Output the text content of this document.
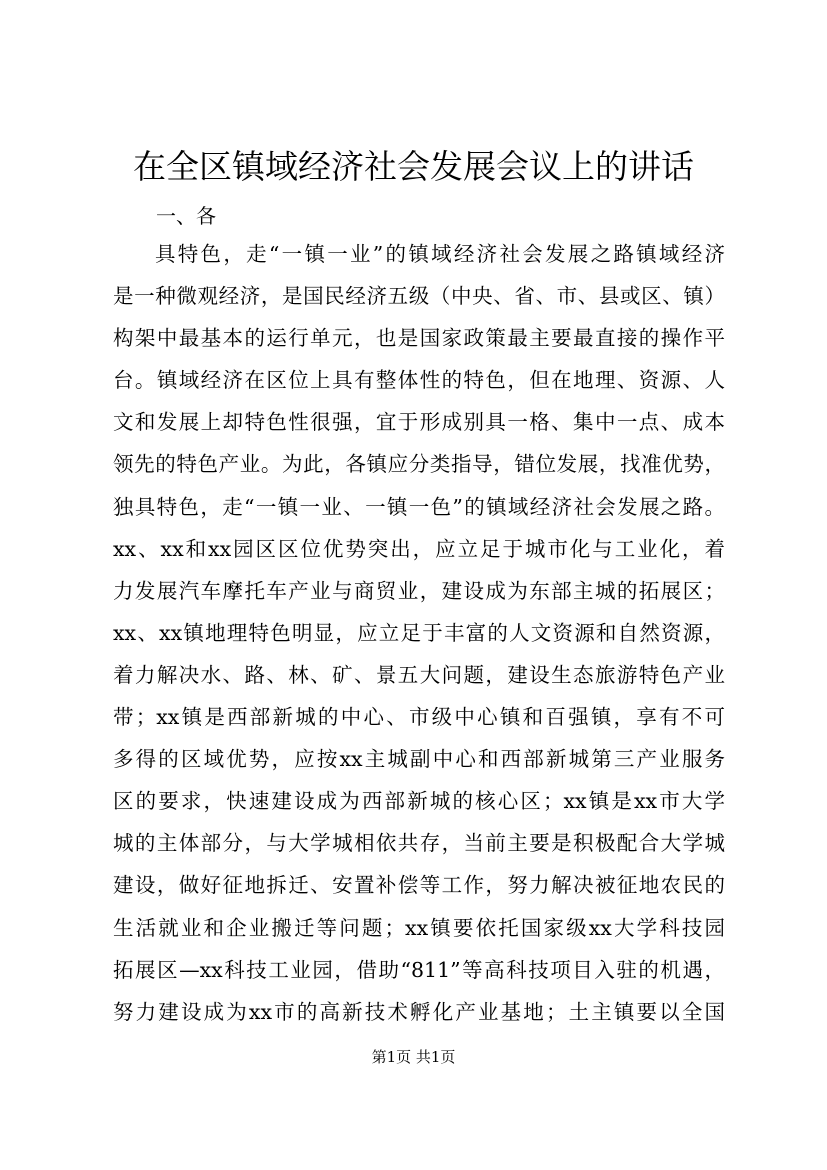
在全区镇域经济社会发展会议上的讲话

一、各

具特色，走“一镇一业”的镇域经济社会发展之路镇域经济
是一种微观经济，是国民经济五级（中央、省、市、县或区、镇）
构架中最基本的运行单元，也是国家政策最主要最直接的操作平
台。镇域经济在区位上具有整体性的特色，但在地理、资源、人
文和发展上却特色性很强，宜于形成别具一格、集中一点、成本
领先的特色产业。为此，各镇应分类指导，错位发展，找准优势，
独具特色，走“一镇一业、一镇一色”的镇域经济社会发展之路。
xx、xx和xx园区区位优势突出，应立足于城市化与工业化，着
力发展汽车摩托车产业与商贸业，建设成为东部主城的拓展区；
xx、xx镇地理特色明显，应立足于丰富的人文资源和自然资源，
着力解决水、路、林、矿、景五大问题，建设生态旅游特色产业
带；xx镇是西部新城的中心、市级中心镇和百强镇，享有不可
多得的区域优势，应按xx主城副中心和西部新城第三产业服务
区的要求，快速建设成为西部新城的核心区；xx镇是xx市大学
城的主体部分，与大学城相依共存，当前主要是积极配合大学城
建设，做好征地拆迁、安置补偿等工作，努力解决被征地农民的
生活就业和企业搬迁等问题；xx镇要依托国家级xx大学科技园
拓展区—xx科技工业园，借助“811”等高科技项目入驻的机遇，
努力建设成为xx市的高新技术孵化产业基地；土主镇要以全国
第1页 共1页
